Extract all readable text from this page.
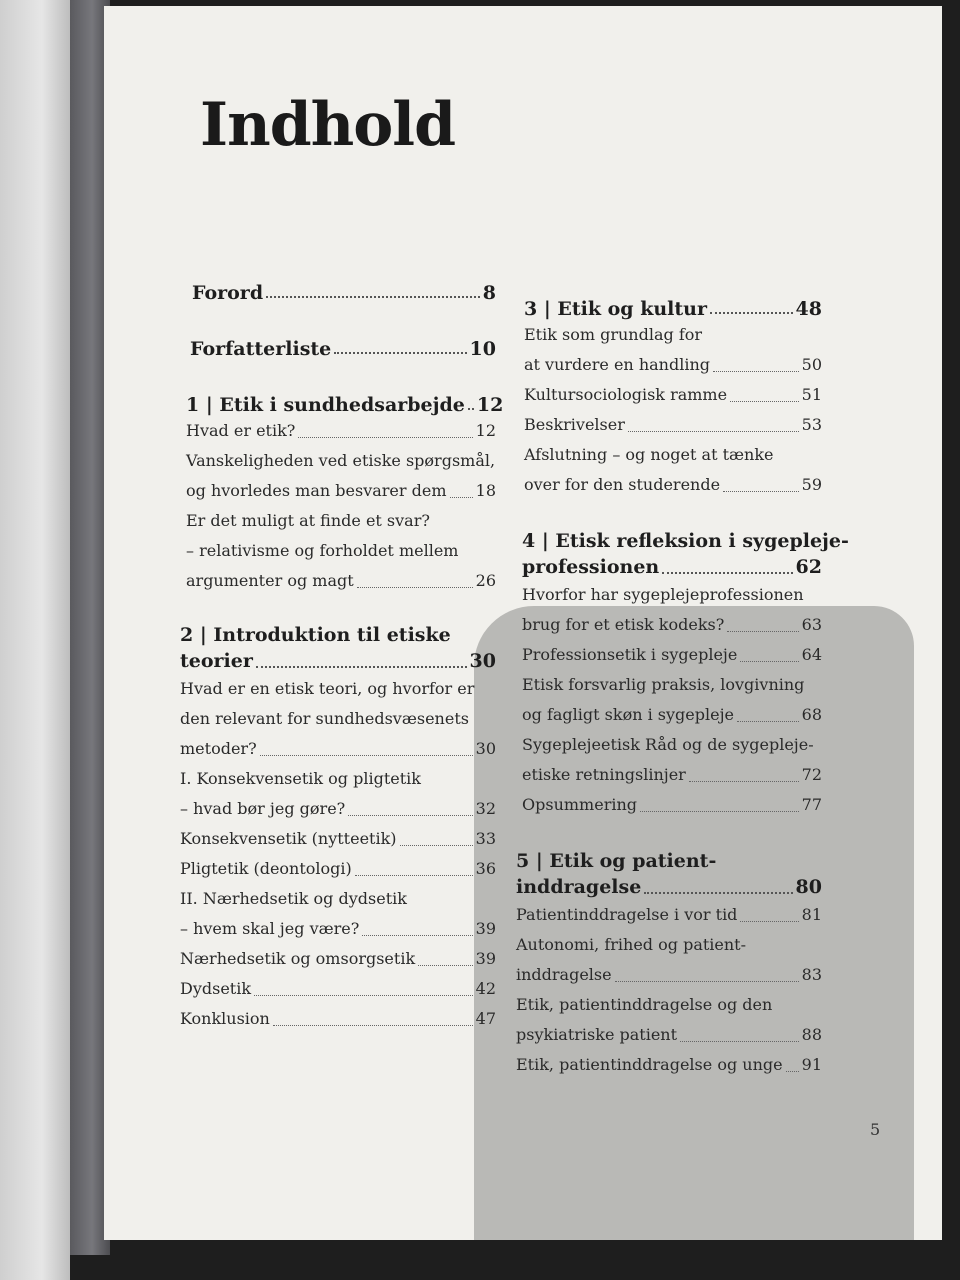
Indhold
Forord	8
Forfatterliste	10
1 | Etik i sundhedsarbejde 12
Hvad er etik?	12
Vanskeligheden ved etiske spørgsmål,
og hvorledes man besvarer dem 18
Er det muligt at finde et svar?
– relativisme og forholdet mellem
argumenter og magt	26
2 | Introduktion til etiske
teorier	30
Hvad er en etisk teori, og hvorfor er
den relevant for sundhedsvæsenets
metoder?	30
I. Konsekvensetik og pligtetik
– hvad bør jeg gøre?	32
Konsekvensetik (nytteetik)	33
Pligtetik (deontologi)	36
II. Nærhedsetik og dydsetik
– hvem skal jeg være?	39
Nærhedsetik og omsorgsetik	39
Dydsetik	42
Konklusion	47
3 | Etik og kultur	48
Etik som grundlag for
at vurdere en handling	50
Kultursociologisk ramme	51
Beskrivelser	53
Afslutning – og noget at tænke
over for den studerende	59
4 | Etisk refleksion i sygepleje-
professionen	62
Hvorfor har sygeplejeprofessionen
brug for et etisk kodeks?	63
Professionsetik i sygepleje	64
Etisk forsvarlig praksis, lovgivning
og fagligt skøn i sygepleje	68
Sygeplejeetisk Råd og de sygepleje-
etiske retningslinjer	72
Opsummering	77
5 | Etik og patient-
inddragelse	80
Patientinddragelse i vor tid	81
Autonomi, frihed og patient-
inddragelse	83
Etik, patientinddragelse og den
psykiatriske patient	88
Etik, patientinddragelse og unge 91
5
